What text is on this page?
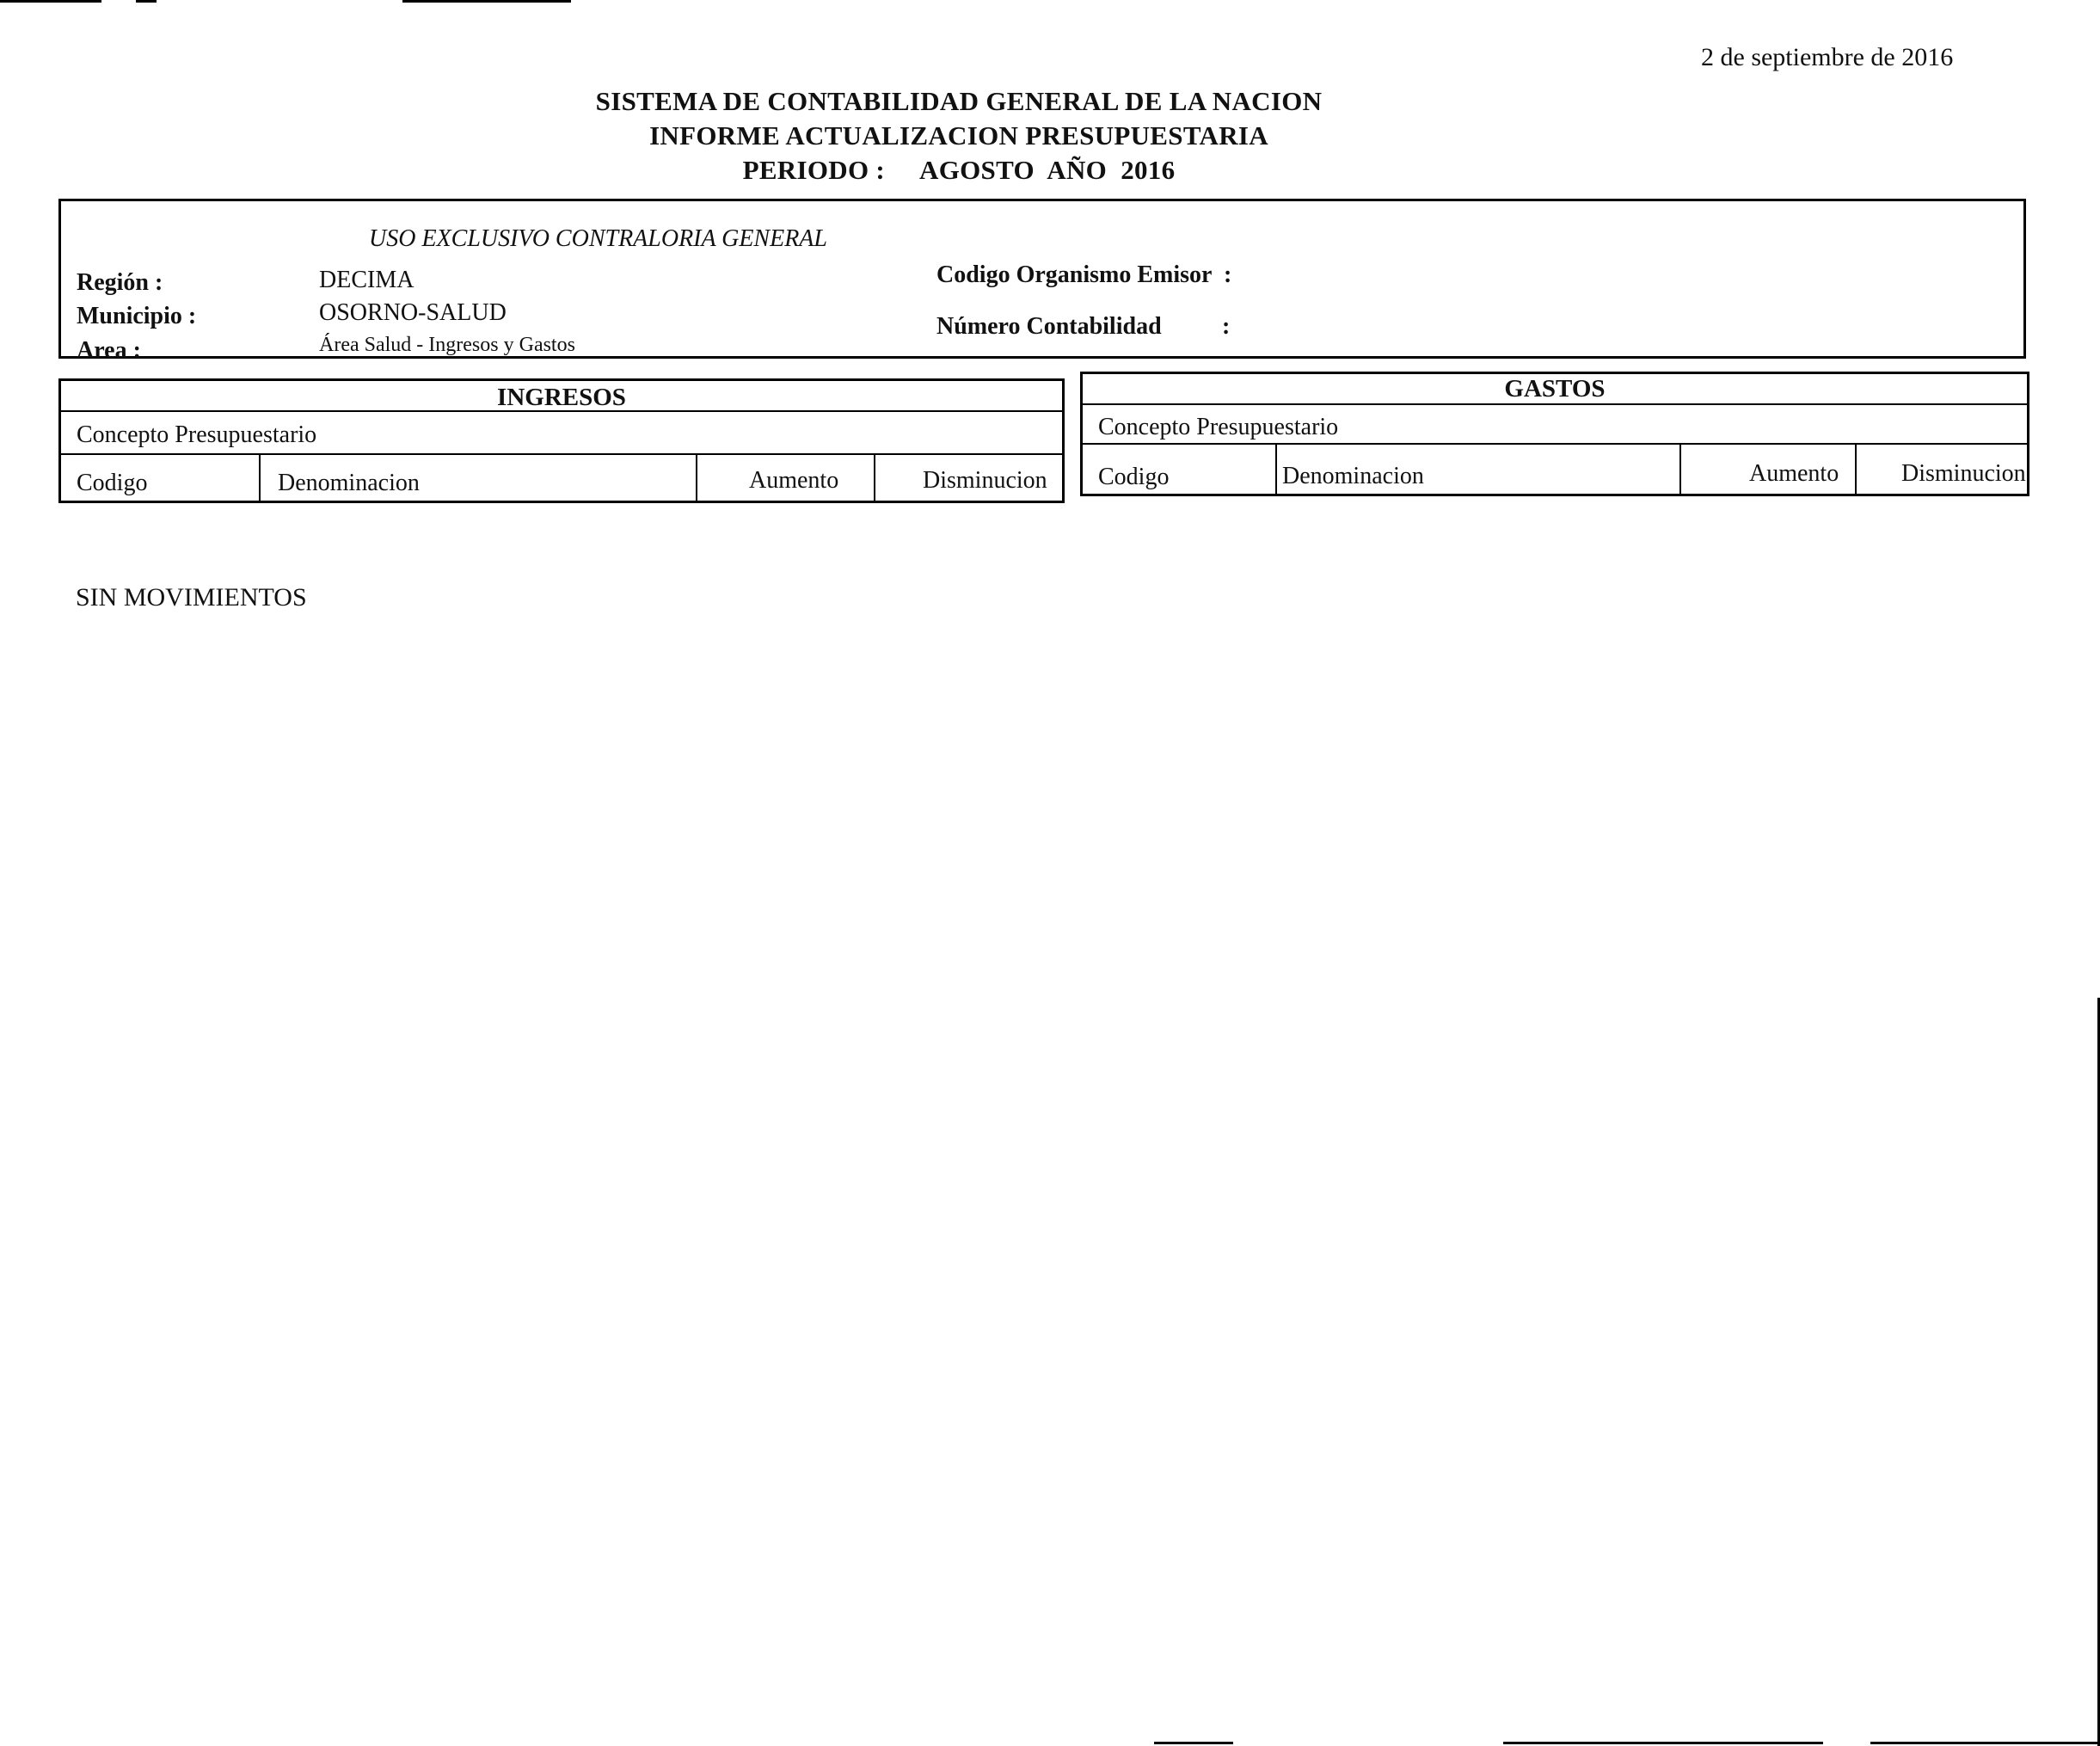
2 de septiembre de 2016
SISTEMA DE CONTABILIDAD GENERAL DE LA NACION
INFORME ACTUALIZACION PRESUPUESTARIA
PERIODO : AGOSTO  AÑO  2016
USO EXCLUSIVO CONTRALORIA GENERAL
Región :	DECIMA
Municipio :	OSORNO-SALUD
Area :	Área Salud - Ingresos y Gastos
Codigo Organismo Emisor  :
Número Contabilidad	:
INGRESOS
Concepto Presupuestario
Codigo	Denominacion	Aumento	Disminucion
GASTOS
Concepto Presupuestario
Codigo	Denominacion	Aumento	Disminucion
SIN MOVIMIENTOS
